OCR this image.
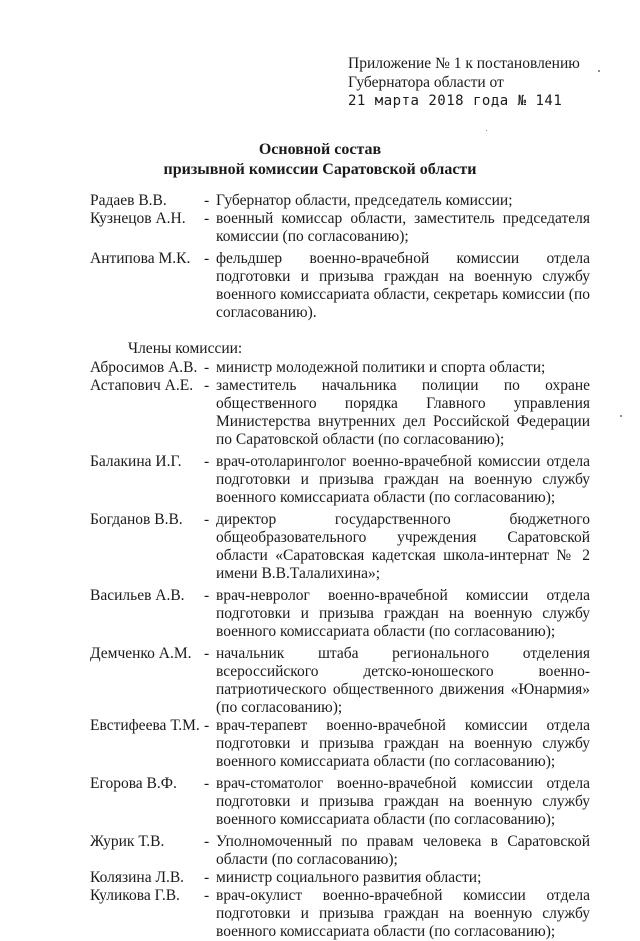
Приложение № 1 к постановлению
Губернатора области от
21 марта 2018 года № 141
Основной состав
призывной комиссии Саратовской области
Радаев В.В.	- Губернатор области, председатель комиссии;
Кузнецов А.Н.	- военный комиссар области, заместитель председателя комиссии (по согласованию);
Антипова М.К. - фельдшер военно-врачебной комиссии отдела подготовки и призыва граждан на военную службу военного комиссариата области, секретарь комиссии (по согласованию).
Члены комиссии:
Абросимов А.В. - министр молодежной политики и спорта области;
Астапович А.Е. - заместитель начальника полиции по охране общественного порядка Главного управления Министерства внутренних дел Российской Федерации по Саратовской области (по согласованию);
Балакина И.Г.	- врач-отоларинголог военно-врачебной комиссии отдела подготовки и призыва граждан на военную службу военного комиссариата области (по согласованию);
Богданов В.В.	- директор государственного бюджетного общеобразовательного учреждения Саратовской области «Саратовская кадетская школа-интернат № 2 имени В.В.Талалихина»;
Васильев А.В.	- врач-невролог военно-врачебной комиссии отдела подготовки и призыва граждан на военную службу военного комиссариата области (по согласованию);
Демченко А.М. - начальник штаба регионального отделения всероссийского детско-юношеского военно-патриотического общественного движения «Юнармия» (по согласованию);
Евстифеева Т.М. - врач-терапевт военно-врачебной комиссии отдела подготовки и призыва граждан на военную службу военного комиссариата области (по согласованию);
Егорова В.Ф.	- врач-стоматолог военно-врачебной комиссии отдела подготовки и призыва граждан на военную службу военного комиссариата области (по согласованию);
Журик Т.В.	- Уполномоченный по правам человека в Саратовской области (по согласованию);
Колязина Л.В.	- министр социального развития области;
Куликова Г.В.	- врач-окулист военно-врачебной комиссии отдела подготовки и призыва граждан на военную службу военного комиссариата области (по согласованию);
